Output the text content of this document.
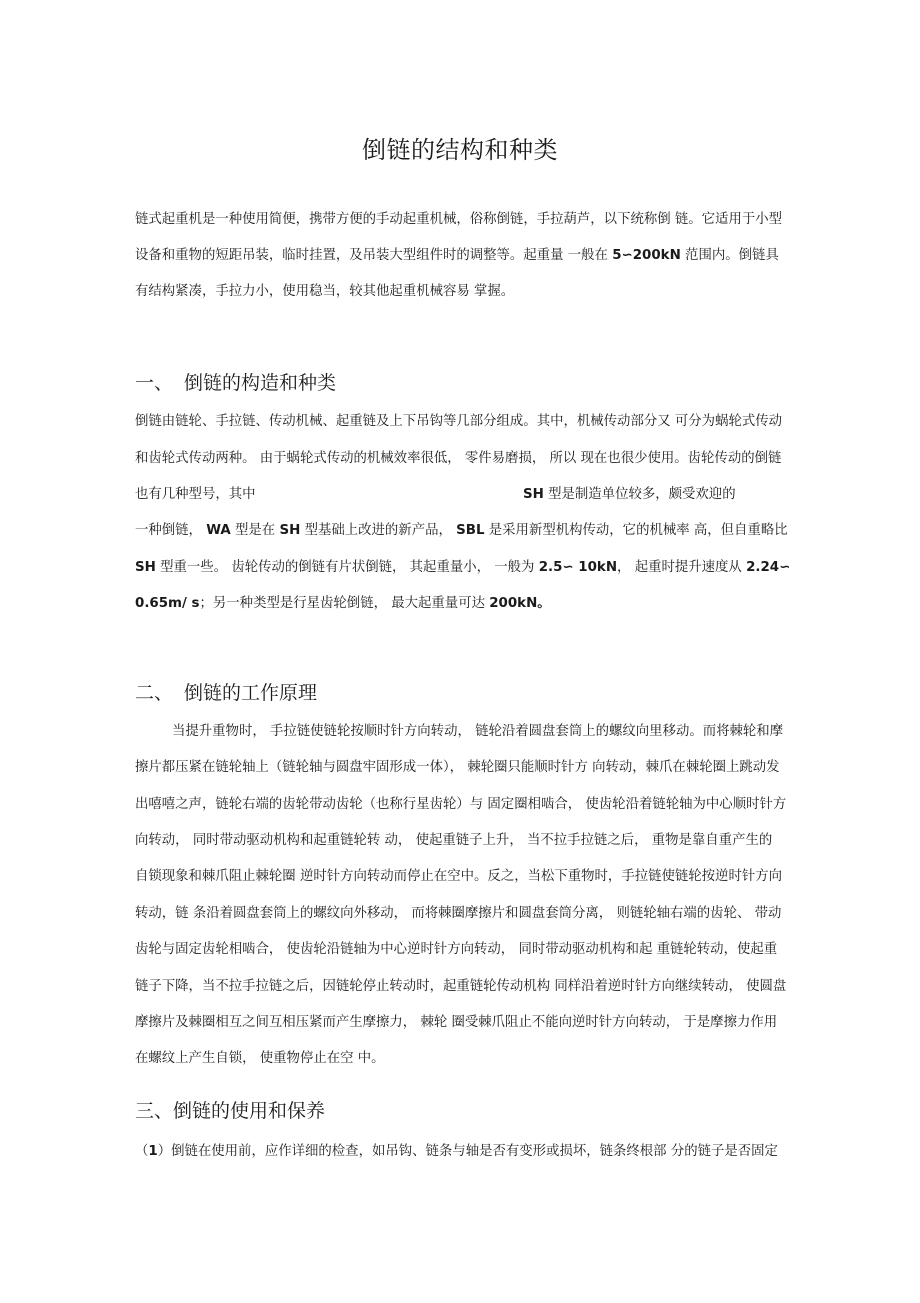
倒链的结构和种类
链式起重机是一种使用简便，携带方便的手动起重机械，俗称倒链，手拉葫芦，以下统称倒 链。它适用于小型
设备和重物的短距吊装，临时挂置，及吊装大型组件时的调整等。起重量 一般在 5∽200kN 范围内。倒链具
有结构紧凑，手拉力小，使用稳当，较其他起重机械容易 掌握。
一、 倒链的构造和种类
倒链由链轮、手拉链、传动机械、起重链及上下吊钩等几部分组成。其中，机械传动部分又 可分为蜗轮式传动
和齿轮式传动两种。 由于蜗轮式传动的机械效率很低， 零件易磨损， 所以 现在也很少使用。齿轮传动的倒链
也有几种型号，其中	SH 型是制造单位较多，颇受欢迎的
一种倒链， WA 型是在 SH 型基础上改进的新产品， SBL 是采用新型机构传动，它的机械率 高，但自重略比
SH 型重一些。 齿轮传动的倒链有片状倒链， 其起重量小， 一般为 2.5∽ 10kN， 起重时提升速度从 2.24∽
0.65m/ s；另一种类型是行星齿轮倒链， 最大起重量可达 200kN。
二、 倒链的工作原理
当提升重物时， 手拉链使链轮按顺时针方向转动， 链轮沿着圆盘套筒上的螺纹向里移动。而将棘轮和摩
擦片都压紧在链轮轴上（链轮轴与圆盘牢固形成一体）， 棘轮圈只能顺时针方 向转动，棘爪在棘轮圈上跳动发
出嘻嘻之声，链轮右端的齿轮带动齿轮（也称行星齿轮）与 固定圈相啮合， 使齿轮沿着链轮轴为中心顺时针方
向转动， 同时带动驱动机构和起重链轮转 动， 使起重链子上升， 当不拉手拉链之后， 重物是靠自重产生的
自锁现象和棘爪阻止棘轮圈 逆时针方向转动而停止在空中。反之，当松下重物时，手拉链使链轮按逆时针方向
转动，链 条沿着圆盘套筒上的螺纹向外移动， 而将棘圈摩擦片和圆盘套筒分离， 则链轮轴右端的齿轮、 带动
齿轮与固定齿轮相啮合， 使齿轮沿链轴为中心逆时针方向转动， 同时带动驱动机构和起 重链轮转动，使起重
链子下降，当不拉手拉链之后，因链轮停止转动时，起重链轮传动机构 同样沿着逆时针方向继续转动， 使圆盘
摩擦片及棘圈相互之间互相压紧而产生摩擦力， 棘轮 圈受棘爪阻止不能向逆时针方向转动， 于是摩擦力作用
在螺纹上产生自锁， 使重物停止在空 中。
三、倒链的使用和保养
（1）倒链在使用前，应作详细的检查，如吊钩、链条与轴是否有变形或损坏，链条终根部 分的链子是否固定
